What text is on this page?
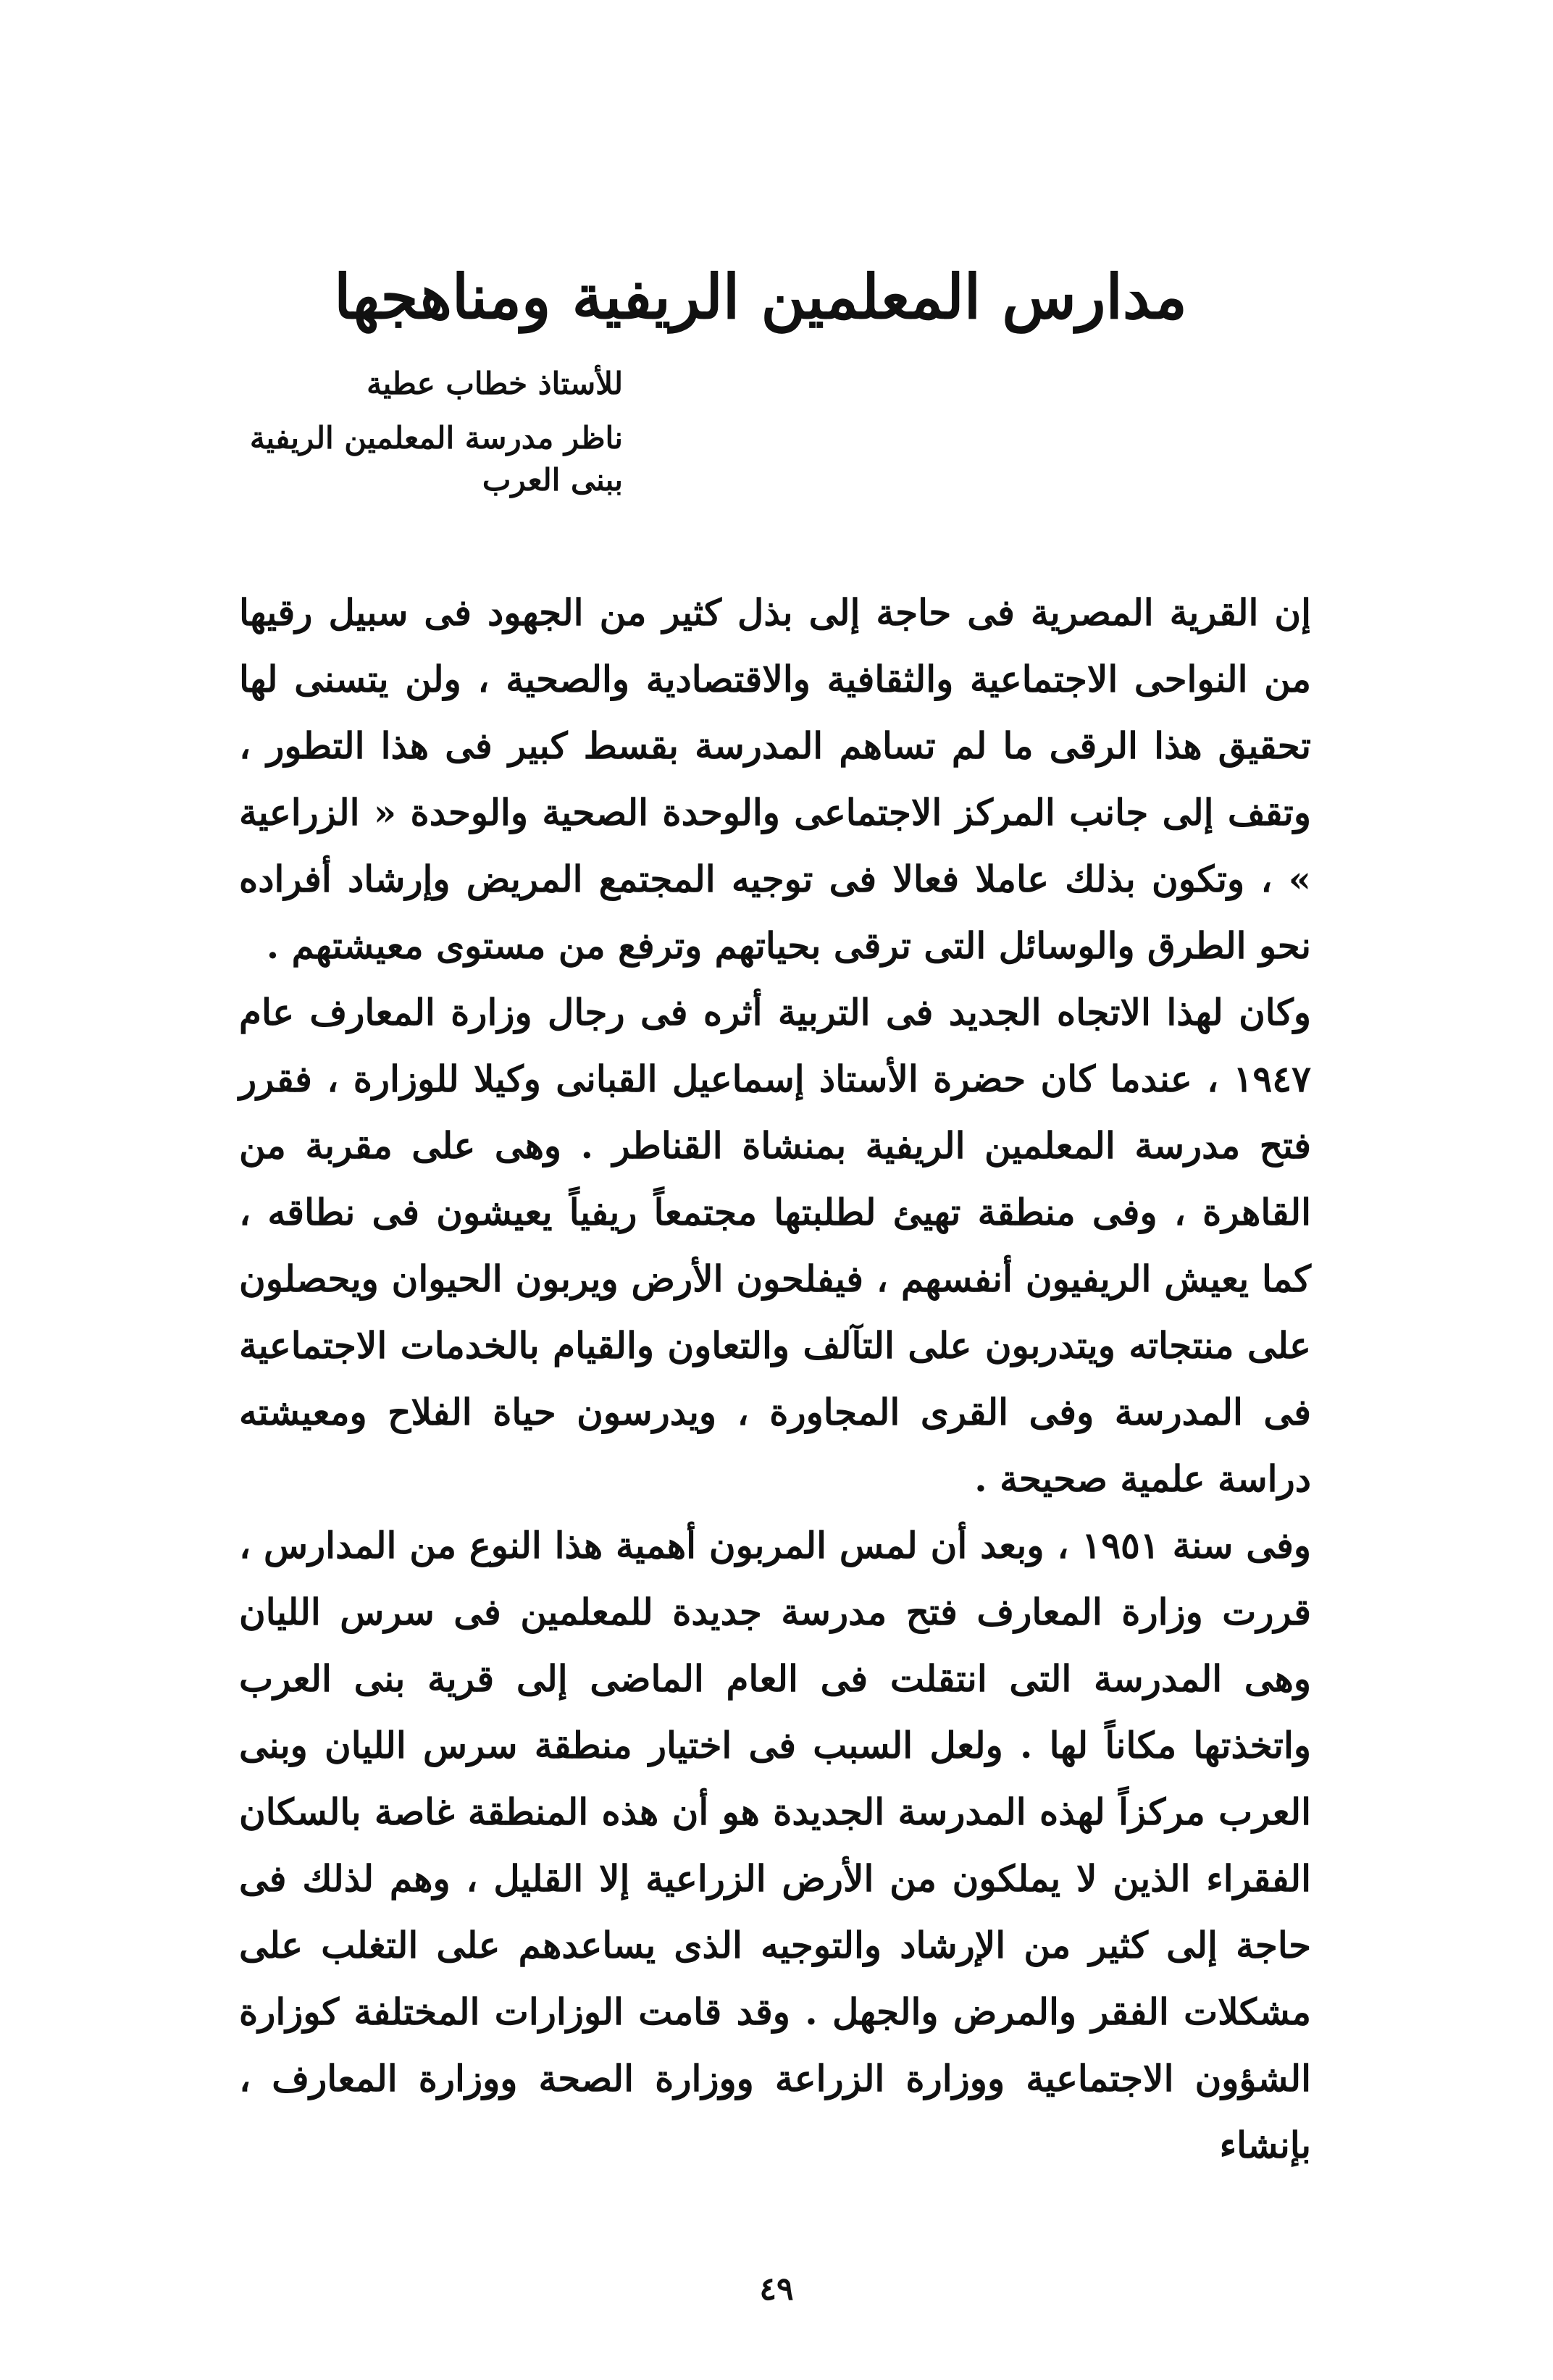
مدارس المعلمين الريفية ومناهجها

للأستاذ خطاب عطية

ناظر مدرسة المعلمين الريفية ببنى العرب

إن القرية المصرية فى حاجة إلى بذل كثير من الجهود فى سبيل رقيها من النواحى الاجتماعية والثقافية والاقتصادية والصحية ، ولن يتسنى لها تحقيق هذا الرقى ما لم تساهم المدرسة بقسط كبير فى هذا التطور ، وتقف إلى جانب المركز الاجتماعى والوحدة الصحية والوحدة « الزراعية » ، وتكون بذلك عاملا فعالا فى توجيه المجتمع المريض وإرشاد أفراده نحو الطرق والوسائل التى ترقى بحياتهم وترفع من مستوى معيشتهم .

وكان لهذا الاتجاه الجديد فى التربية أثره فى رجال وزارة المعارف عام ١٩٤٧ ، عندما كان حضرة الأستاذ إسماعيل القبانى وكيلا للوزارة ، فقرر فتح مدرسة المعلمين الريفية بمنشاة القناطر . وهى على مقربة من القاهرة ، وفى منطقة تهيئ لطلبتها مجتمعاً ريفياً يعيشون فى نطاقه ، كما يعيش الريفيون أنفسهم ، فيفلحون الأرض ويربون الحيوان ويحصلون على منتجاته ويتدربون على التآلف والتعاون والقيام بالخدمات الاجتماعية فى المدرسة وفى القرى المجاورة ، ويدرسون حياة الفلاح ومعيشته دراسة علمية صحيحة .

وفى سنة ١٩٥١ ، وبعد أن لمس المربون أهمية هذا النوع من المدارس ، قررت وزارة المعارف فتح مدرسة جديدة للمعلمين فى سرس الليان وهى المدرسة التى انتقلت فى العام الماضى إلى قرية بنى العرب واتخذتها مكاناً لها . ولعل السبب فى اختيار منطقة سرس الليان وبنى العرب مركزاً لهذه المدرسة الجديدة هو أن هذه المنطقة غاصة بالسكان الفقراء الذين لا يملكون من الأرض الزراعية إلا القليل ، وهم لذلك فى حاجة إلى كثير من الإرشاد والتوجيه الذى يساعدهم على التغلب على مشكلات الفقر والمرض والجهل . وقد قامت الوزارات المختلفة كوزارة الشؤون الاجتماعية ووزارة الزراعة ووزارة الصحة ووزارة المعارف ، بإنشاء

٤٩
